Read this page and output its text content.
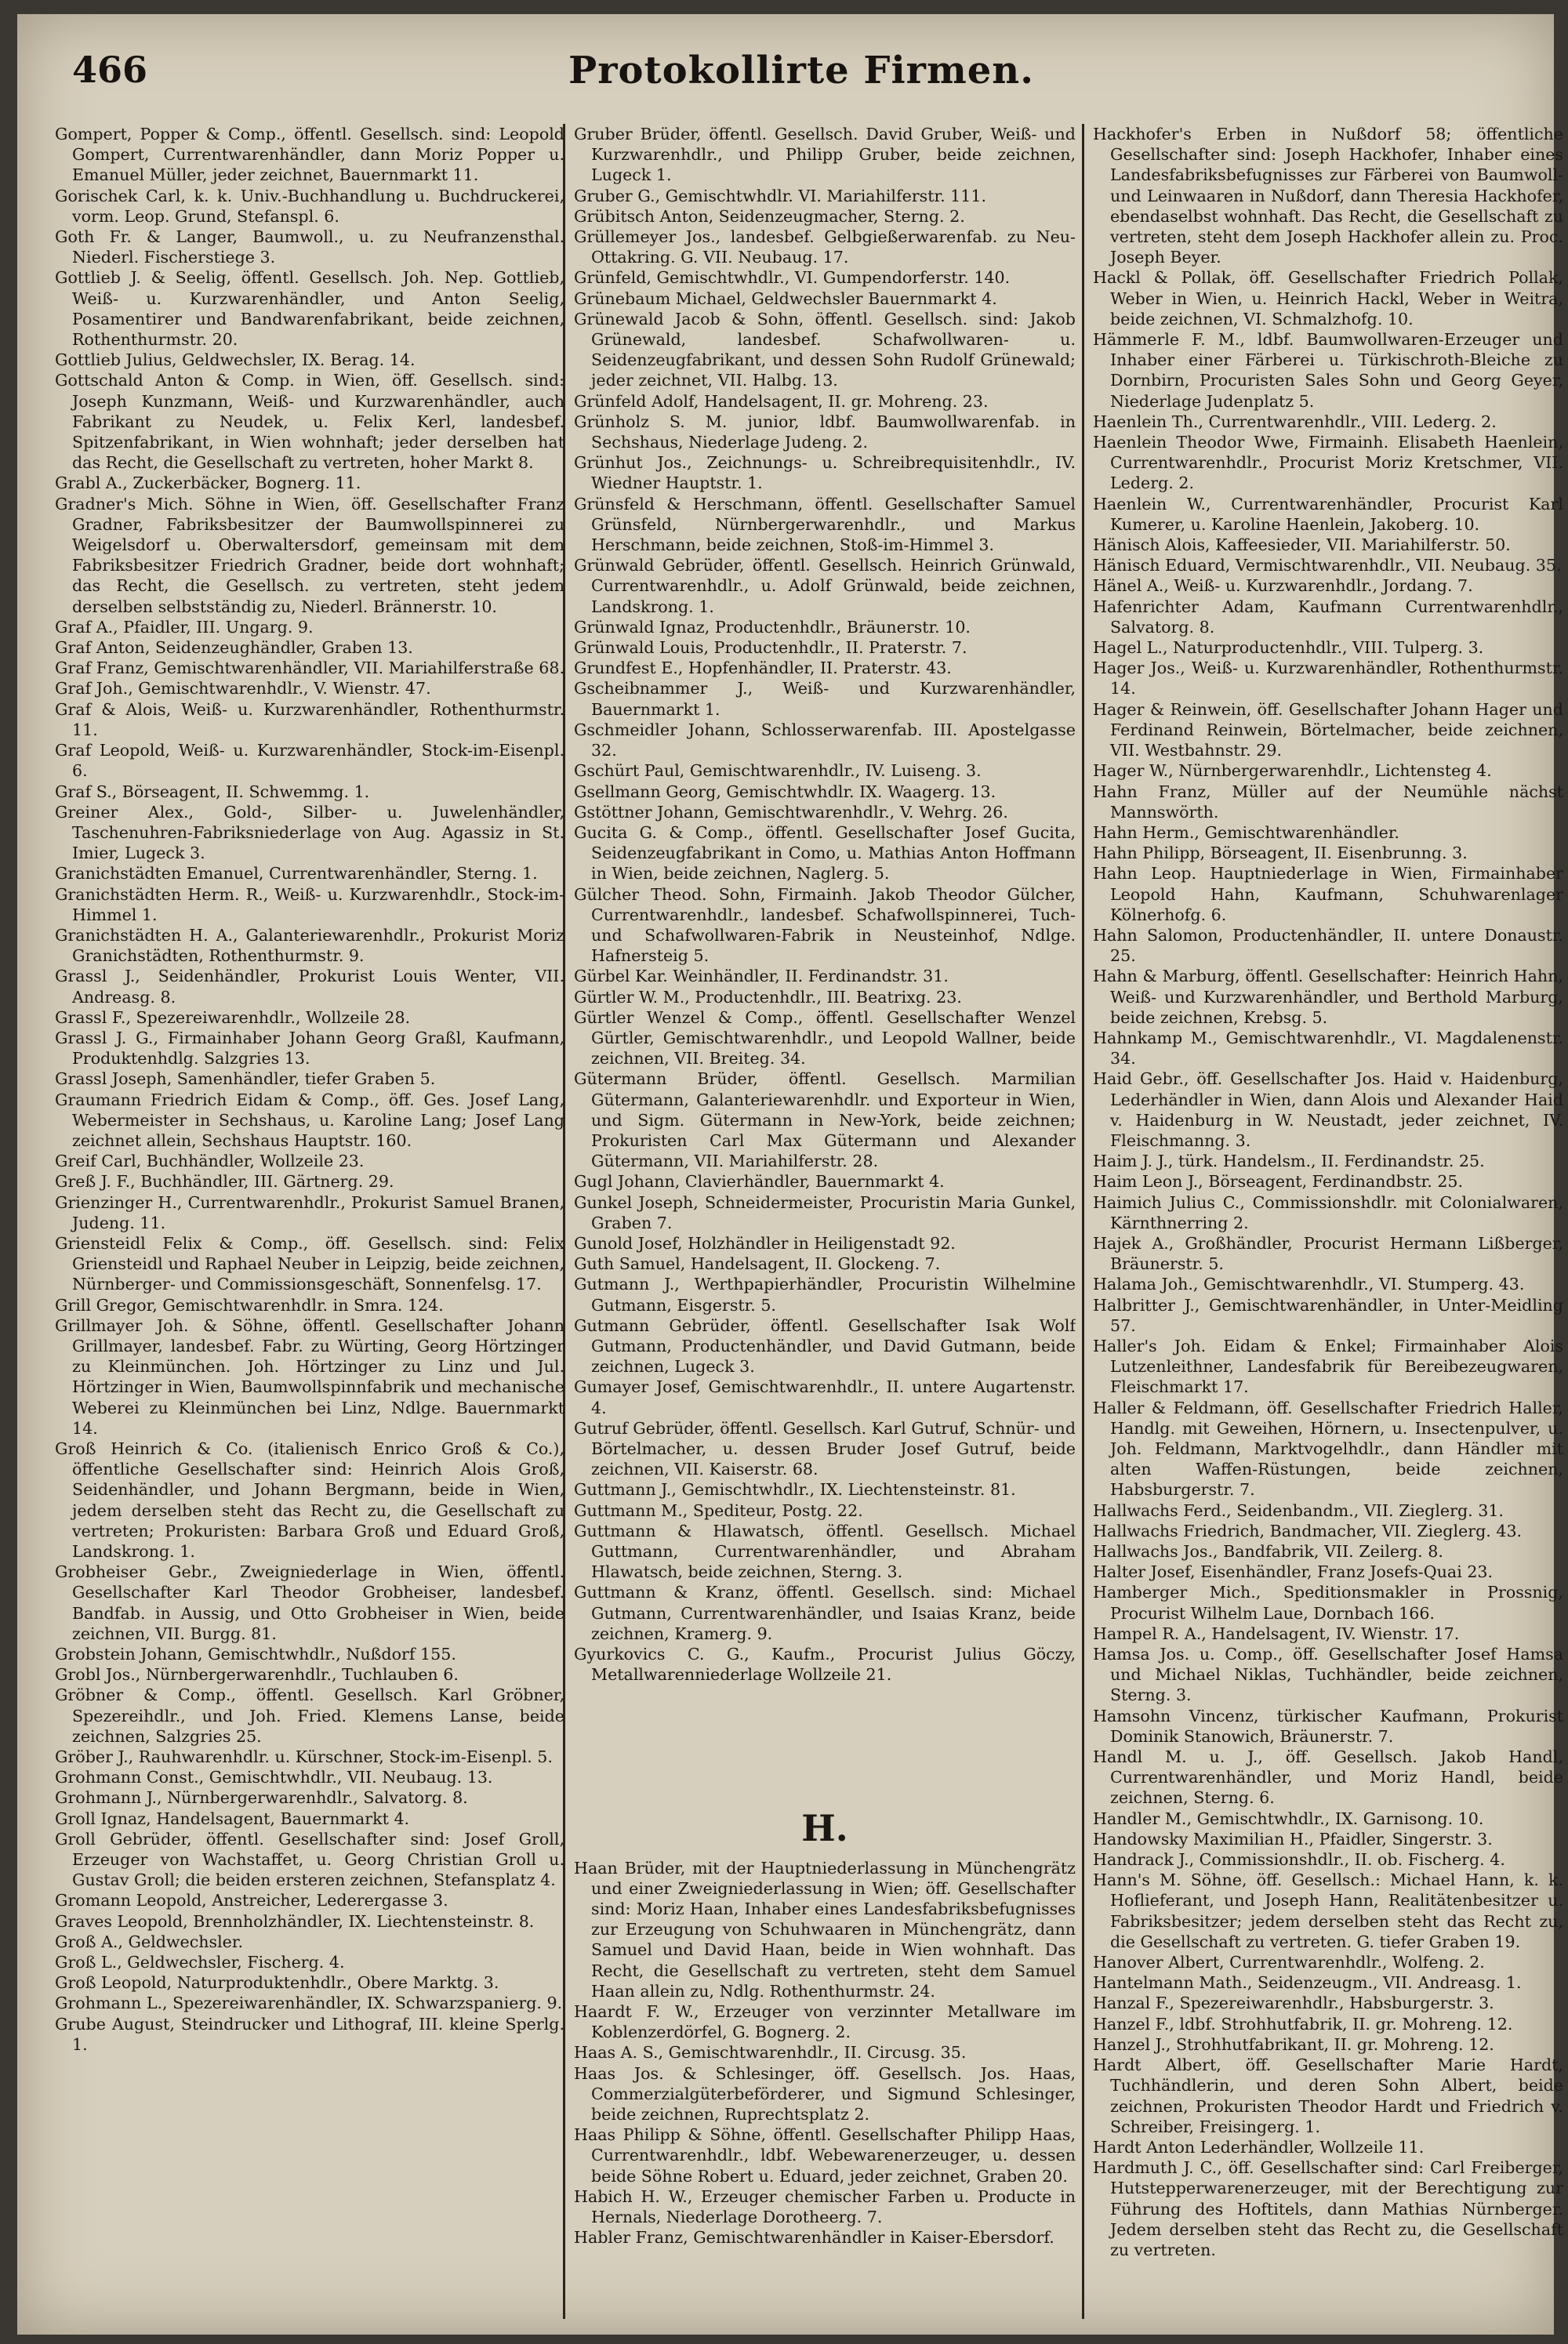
466	Protokollirte Firmen.
Gompert, Popper & Comp., öffentl. Gesellsch. sind: Leopold Gompert, Currentwarenhändler, dann Moriz Popper u. Emanuel Müller, jeder zeichnet, Bauernmarkt 11.
Gorischek Carl, k. k. Univ.-Buchhandlung u. Buchdruckerei, vorm. Leop. Grund, Stefanspl. 6.
Goth Fr. & Langer, Baumwoll., u. zu Neufranzensthal. Niederl. Fischerstiege 3.
Gottlieb J. & Seelig, öffentl. Gesellsch. Joh. Nep. Gottlieb, Weiß- u. Kurzwarenhändler, und Anton Seelig, Posamentirer und Bandwarenfabrikant, beide zeichnen, Rothenthurmstr. 20.
Gottlieb Julius, Geldwechsler, IX. Berag. 14.
Gottschald Anton & Comp. in Wien, öff. Gesellsch. sind: Joseph Kunzmann, Weiß- und Kurzwarenhändler, auch Fabrikant zu Neudek, u. Felix Kerl, landesbef. Spitzenfabrikant, in Wien wohnhaft; jeder derselben hat das Recht, die Gesellschaft zu vertreten, hoher Markt 8.
Grabl A., Zuckerbäcker, Bognerg. 11.
Gradner's Mich. Söhne in Wien, öff. Gesellschafter Franz Gradner, Fabriksbesitzer der Baumwollspinnerei zu Weigelsdorf u. Oberwaltersdorf, gemeinsam mit dem Fabriksbesitzer Friedrich Gradner, beide dort wohnhaft; das Recht, die Gesellsch. zu vertreten, steht jedem derselben selbstständig zu, Niederl. Brännerstr. 10.
Graf A., Pfaidler, III. Ungarg. 9.
Graf Anton, Seidenzeughändler, Graben 13.
Graf Franz, Gemischtwarenhändler, VII. Mariahilferstraße 68.
Graf Joh., Gemischtwarenhdlr., V. Wienstr. 47.
Graf & Alois, Weiß- u. Kurzwarenhändler, Rothenthurmstr. 11.
Graf Leopold, Weiß- u. Kurzwarenhändler, Stock-im-Eisenpl. 6.
Graf S., Börseagent, II. Schwemmg. 1.
Greiner Alex., Gold-, Silber- u. Juwelenhändler, Taschenuhren-Fabriksniederlage von Aug. Agassiz in St. Imier, Lugeck 3.
Granichstädten Emanuel, Currentwarenhändler, Sterng. 1.
Granichstädten Herm. R., Weiß- u. Kurzwarenhdlr., Stock-im-Himmel 1.
Granichstädten H. A., Galanteriewarenhdlr., Prokurist Moriz Granichstädten, Rothenthurmstr. 9.
Grassl J., Seidenhändler, Prokurist Louis Wenter, VII. Andreasg. 8.
Grassl F., Spezereiwarenhdlr., Wollzeile 28.
Grassl J. G., Firmainhaber Johann Georg Graßl, Kaufmann, Produktenhdlg. Salzgries 13.
Grassl Joseph, Samenhändler, tiefer Graben 5.
Graumann Friedrich Eidam & Comp., öff. Ges. Josef Lang, Webermeister in Sechshaus, u. Karoline Lang; Josef Lang zeichnet allein, Sechshaus Hauptstr. 160.
Greif Carl, Buchhändler, Wollzeile 23.
Greß J. F., Buchhändler, III. Gärtnerg. 29.
Grienzinger H., Currentwarenhdlr., Prokurist Samuel Branen, Judeng. 11.
Griensteidl Felix & Comp., öff. Gesellsch. sind: Felix Griensteidl und Raphael Neuber in Leipzig, beide zeichnen, Nürnberger- und Commissionsgeschäft, Sonnenfelsg. 17.
Grill Gregor, Gemischtwarenhdlr. in Smra. 124.
Grillmayer Joh. & Söhne, öffentl. Gesellschafter Johann Grillmayer, landesbef. Fabr. zu Würting, Georg Hörtzinger zu Kleinmünchen. Joh. Hörtzinger zu Linz und Jul. Hörtzinger in Wien, Baumwollspinnfabrik und mechanische Weberei zu Kleinmünchen bei Linz, Ndlge. Bauernmarkt 14.
Groß Heinrich & Co. (italienisch Enrico Groß & Co.), öffentliche Gesellschafter sind: Heinrich Alois Groß, Seidenhändler, und Johann Bergmann, beide in Wien, jedem derselben steht das Recht zu, die Gesellschaft zu vertreten; Prokuristen: Barbara Groß und Eduard Groß, Landskrong. 1.
Grobheiser Gebr., Zweigniederlage in Wien, öffentl. Gesellschafter Karl Theodor Grobheiser, landesbef. Bandfab. in Aussig, und Otto Grobheiser in Wien, beide zeichnen, VII. Burgg. 81.
Grobstein Johann, Gemischtwhdlr., Nußdorf 155.
Grobl Jos., Nürnbergerwarenhdlr., Tuchlauben 6.
Gröbner & Comp., öffentl. Gesellsch. Karl Gröbner, Spezereihdlr., und Joh. Fried. Klemens Lanse, beide zeichnen, Salzgries 25.
Gröber J., Rauhwarenhdlr. u. Kürschner, Stock-im-Eisenpl. 5.
Grohmann Const., Gemischtwhdlr., VII. Neubaug. 13.
Grohmann J., Nürnbergerwarenhdlr., Salvatorg. 8.
Groll Ignaz, Handelsagent, Bauernmarkt 4.
Groll Gebrüder, öffentl. Gesellschafter sind: Josef Groll, Erzeuger von Wachstaffet, u. Georg Christian Groll u. Gustav Groll; die beiden ersteren zeichnen, Stefansplatz 4.
Gromann Leopold, Anstreicher, Lederergasse 3.
Graves Leopold, Brennholzhändler, IX. Liechtensteinstr. 8.
Groß A., Geldwechsler.
Groß L., Geldwechsler, Fischerg. 4.
Groß Leopold, Naturproduktenhdlr., Obere Marktg. 3.
Grohmann L., Spezereiwarenhändler, IX. Schwarzspanierg. 9.
Grube August, Steindrucker und Lithograf, III. kleine Sperlg. 1.
Gruber Brüder, öffentl. Gesellsch. David Gruber, Weiß- und Kurzwarenhdlr., und Philipp Gruber, beide zeichnen, Lugeck 1.
Gruber G., Gemischtwhdlr. VI. Mariahilferstr. 111.
Grübitsch Anton, Seidenzeugmacher, Sterng. 2.
Grüllemeyer Jos., landesbef. Gelbgießerwarenfab. zu Neu-Ottakring. G. VII. Neubaug. 17.
Grünfeld, Gemischtwhdlr., VI. Gumpendorferstr. 140.
Grünebaum Michael, Geldwechsler Bauernmarkt 4.
Grünewald Jacob & Sohn, öffentl. Gesellsch. sind: Jakob Grünewald, landesbef. Schafwollwaren- u. Seidenzeugfabrikant, und dessen Sohn Rudolf Grünewald; jeder zeichnet, VII. Halbg. 13.
Grünfeld Adolf, Handelsagent, II. gr. Mohreng. 23.
Grünholz S. M. junior, ldbf. Baumwollwarenfab. in Sechshaus, Niederlage Judeng. 2.
Grünhut Jos., Zeichnungs- u. Schreibrequisitenhdlr., IV. Wiedner Hauptstr. 1.
Grünsfeld & Herschmann, öffentl. Gesellschafter Samuel Grünsfeld, Nürnbergerwarenhdlr., und Markus Herschmann, beide zeichnen, Stoß-im-Himmel 3.
Grünwald Gebrüder, öffentl. Gesellsch. Heinrich Grünwald, Currentwarenhdlr., u. Adolf Grünwald, beide zeichnen, Landskrong. 1.
Grünwald Ignaz, Productenhdlr., Bräunerstr. 10.
Grünwald Louis, Productenhdlr., II. Praterstr. 7.
Grundfest E., Hopfenhändler, II. Praterstr. 43.
Gscheibnammer J., Weiß- und Kurzwarenhändler, Bauernmarkt 1.
Gschmeidler Johann, Schlosserwarenfab. III. Apostelgasse 32.
Gschürt Paul, Gemischtwarenhdlr., IV. Luiseng. 3.
Gsellmann Georg, Gemischtwhdlr. IX. Waagerg. 13.
Gstöttner Johann, Gemischtwarenhdlr., V. Wehrg. 26.
Gucita G. & Comp., öffentl. Gesellschafter Josef Gucita, Seidenzeugfabrikant in Como, u. Mathias Anton Hoffmann in Wien, beide zeichnen, Naglerg. 5.
Gülcher Theod. Sohn, Firmainh. Jakob Theodor Gülcher, Currentwarenhdlr., landesbef. Schafwollspinnerei, Tuch- und Schafwollwaren-Fabrik in Neusteinhof, Ndlge. Hafnersteig 5.
Gürbel Kar. Weinhändler, II. Ferdinandstr. 31.
Gürtler W. M., Productenhdlr., III. Beatrixg. 23.
Gürtler Wenzel & Comp., öffentl. Gesellschafter Wenzel Gürtler, Gemischtwarenhdlr., und Leopold Wallner, beide zeichnen, VII. Breiteg. 34.
Gütermann Brüder, öffentl. Gesellsch. Marmilian Gütermann, Galanteriewarenhdlr. und Exporteur in Wien, und Sigm. Gütermann in New-York, beide zeichnen; Prokuristen Carl Max Gütermann und Alexander Gütermann, VII. Mariahilferstr. 28.
Gugl Johann, Clavierhändler, Bauernmarkt 4.
Gunkel Joseph, Schneidermeister, Procuristin Maria Gunkel, Graben 7.
Gunold Josef, Holzhändler in Heiligenstadt 92.
Guth Samuel, Handelsagent, II. Glockeng. 7.
Gutmann J., Werthpapierhändler, Procuristin Wilhelmine Gutmann, Eisgerstr. 5.
Gutmann Gebrüder, öffentl. Gesellschafter Isak Wolf Gutmann, Productenhändler, und David Gutmann, beide zeichnen, Lugeck 3.
Gumayer Josef, Gemischtwarenhdlr., II. untere Augartenstr. 4.
Gutruf Gebrüder, öffentl. Gesellsch. Karl Gutruf, Schnür- und Börtelmacher, u. dessen Bruder Josef Gutruf, beide zeichnen, VII. Kaiserstr. 68.
Guttmann J., Gemischtwhdlr., IX. Liechtensteinstr. 81.
Guttmann M., Spediteur, Postg. 22.
Guttmann & Hlawatsch, öffentl. Gesellsch. Michael Guttmann, Currentwarenhändler, und Abraham Hlawatsch, beide zeichnen, Sterng. 3.
Guttmann & Kranz, öffentl. Gesellsch. sind: Michael Gutmann, Currentwarenhändler, und Isaias Kranz, beide zeichnen, Kramerg. 9.
Gyurkovics C. G., Kaufm., Procurist Julius Göczy, Metallwarenniederlage Wollzeile 21.
H.
Haan Brüder, mit der Hauptniederlassung in Münchengrätz und einer Zweigniederlassung in Wien; öff. Gesellschafter sind: Moriz Haan, Inhaber eines Landesfabriksbefugnisses zur Erzeugung von Schuhwaaren in Münchengrätz, dann Samuel und David Haan, beide in Wien wohnhaft. Das Recht, die Gesellschaft zu vertreten, steht dem Samuel Haan allein zu, Ndlg. Rothenthurmstr. 24.
Haardt F. W., Erzeuger von verzinnter Metallware im Koblenzerdörfel, G. Bognerg. 2.
Haas A. S., Gemischtwarenhdlr., II. Circusg. 35.
Haas Jos. & Schlesinger, öff. Gesellsch. Jos. Haas, Commerzialgüterbeförderer, und Sigmund Schlesinger, beide zeichnen, Ruprechtsplatz 2.
Haas Philipp & Söhne, öffentl. Gesellschafter Philipp Haas, Currentwarenhdlr., ldbf. Webewarenerzeuger, u. dessen beide Söhne Robert u. Eduard, jeder zeichnet, Graben 20.
Habich H. W., Erzeuger chemischer Farben u. Producte in Hernals, Niederlage Dorotheerg. 7.
Habler Franz, Gemischtwarenhändler in Kaiser-Ebersdorf.
Hackhofer's Erben in Nußdorf 58; öffentliche Gesellschafter sind: Joseph Hackhofer, Inhaber eines Landesfabriksbefugnisses zur Färberei von Baumwoll- und Leinwaaren in Nußdorf, dann Theresia Hackhofer, ebendaselbst wohnhaft. Das Recht, die Gesellschaft zu vertreten, steht dem Joseph Hackhofer allein zu. Proc. Joseph Beyer.
Hackl & Pollak, öff. Gesellschafter Friedrich Pollak, Weber in Wien, u. Heinrich Hackl, Weber in Weitra, beide zeichnen, VI. Schmalzhofg. 10.
Hämmerle F. M., ldbf. Baumwollwaren-Erzeuger und Inhaber einer Färberei u. Türkischroth-Bleiche zu Dornbirn, Procuristen Sales Sohn und Georg Geyer, Niederlage Judenplatz 5.
Haenlein Th., Currentwarenhdlr., VIII. Lederg. 2.
Haenlein Theodor Wwe, Firmainh. Elisabeth Haenlein, Currentwarenhdlr., Procurist Moriz Kretschmer, VII. Lederg. 2.
Haenlein W., Currentwarenhändler, Procurist Karl Kumerer, u. Karoline Haenlein, Jakoberg. 10.
Hänisch Alois, Kaffeesieder, VII. Mariahilferstr. 50.
Hänisch Eduard, Vermischtwarenhdlr., VII. Neubaug. 35.
Hänel A., Weiß- u. Kurzwarenhdlr., Jordang. 7.
Hafenrichter Adam, Kaufmann Currentwarenhdlr., Salvatorg. 8.
Hagel L., Naturproductenhdlr., VIII. Tulperg. 3.
Hager Jos., Weiß- u. Kurzwarenhändler, Rothenthurmstr. 14.
Hager & Reinwein, öff. Gesellschafter Johann Hager und Ferdinand Reinwein, Börtelmacher, beide zeichnen, VII. Westbahnstr. 29.
Hager W., Nürnbergerwarenhdlr., Lichtensteg 4.
Hahn Franz, Müller auf der Neumühle nächst Mannswörth.
Hahn Herm., Gemischtwarenhändler.
Hahn Philipp, Börseagent, II. Eisenbrunng. 3.
Hahn Leop. Hauptniederlage in Wien, Firmainhaber Leopold Hahn, Kaufmann, Schuhwarenlager Kölnerhofg. 6.
Hahn Salomon, Productenhändler, II. untere Donaustr. 25.
Hahn & Marburg, öffentl. Gesellschafter: Heinrich Hahn, Weiß- und Kurzwarenhändler, und Berthold Marburg, beide zeichnen, Krebsg. 5.
Hahnkamp M., Gemischtwarenhdlr., VI. Magdalenenstr. 34.
Haid Gebr., öff. Gesellschafter Jos. Haid v. Haidenburg, Lederhändler in Wien, dann Alois und Alexander Haid v. Haidenburg in W. Neustadt, jeder zeichnet, IV. Fleischmanng. 3.
Haim J. J., türk. Handelsm., II. Ferdinandstr. 25.
Haim Leon J., Börseagent, Ferdinandbstr. 25.
Haimich Julius C., Commissionshdlr. mit Colonialwaren, Kärnthnerring 2.
Hajek A., Großhändler, Procurist Hermann Lißberger, Bräunerstr. 5.
Halama Joh., Gemischtwarenhdlr., VI. Stumperg. 43.
Halbritter J., Gemischtwarenhändler, in Unter-Meidling 57.
Haller's Joh. Eidam & Enkel; Firmainhaber Alois Lutzenleithner, Landesfabrik für Bereibezeugwaren, Fleischmarkt 17.
Haller & Feldmann, öff. Gesellschafter Friedrich Haller, Handlg. mit Geweihen, Hörnern, u. Insectenpulver, u. Joh. Feldmann, Marktvogelhdlr., dann Händler mit alten Waffen-Rüstungen, beide zeichnen, Habsburgerstr. 7.
Hallwachs Ferd., Seidenbandm., VII. Zieglerg. 31.
Hallwachs Friedrich, Bandmacher, VII. Zieglerg. 43.
Hallwachs Jos., Bandfabrik, VII. Zeilerg. 8.
Halter Josef, Eisenhändler, Franz Josefs-Quai 23.
Hamberger Mich., Speditionsmakler in Prossnig, Procurist Wilhelm Laue, Dornbach 166.
Hampel R. A., Handelsagent, IV. Wienstr. 17.
Hamsa Jos. u. Comp., öff. Gesellschafter Josef Hamsa und Michael Niklas, Tuchhändler, beide zeichnen, Sterng. 3.
Hamsohn Vincenz, türkischer Kaufmann, Prokurist Dominik Stanowich, Bräunerstr. 7.
Handl M. u. J., öff. Gesellsch. Jakob Handl, Currentwarenhändler, und Moriz Handl, beide zeichnen, Sterng. 6.
Handler M., Gemischtwhdlr., IX. Garnisong. 10.
Handowsky Maximilian H., Pfaidler, Singerstr. 3.
Handrack J., Commissionshdlr., II. ob. Fischerg. 4.
Hann's M. Söhne, öff. Gesellsch.: Michael Hann, k. k. Hoflieferant, und Joseph Hann, Realitätenbesitzer u. Fabriksbesitzer; jedem derselben steht das Recht zu, die Gesellschaft zu vertreten. G. tiefer Graben 19.
Hanover Albert, Currentwarenhdlr., Wolfeng. 2.
Hantelmann Math., Seidenzeugm., VII. Andreasg. 1.
Hanzal F., Spezereiwarenhdlr., Habsburgerstr. 3.
Hanzel F., ldbf. Strohhutfabrik, II. gr. Mohreng. 12.
Hanzel J., Strohhutfabrikant, II. gr. Mohreng. 12.
Hardt Albert, öff. Gesellschafter Marie Hardt, Tuchhändlerin, und deren Sohn Albert, beide zeichnen, Prokuristen Theodor Hardt und Friedrich v. Schreiber, Freisingerg. 1.
Hardt Anton Lederhändler, Wollzeile 11.
Hardmuth J. C., öff. Gesellschafter sind: Carl Freiberger, Hutstepperwarenerzeuger, mit der Berechtigung zur Führung des Hoftitels, dann Mathias Nürnberger. Jedem derselben steht das Recht zu, die Gesellschaft zu vertreten.
